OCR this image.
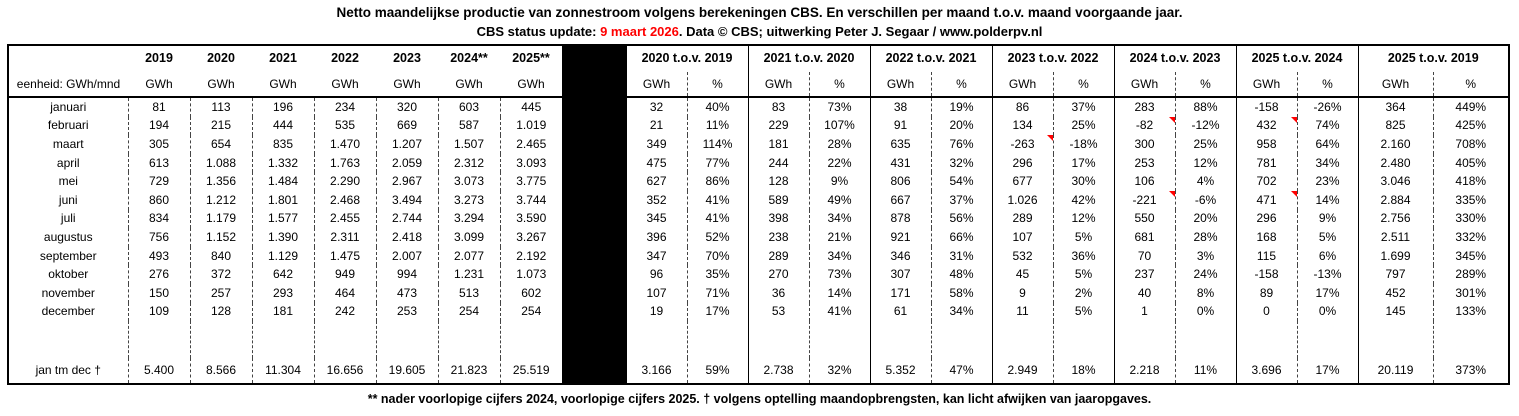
Netto maandelijkse productie van zonnestroom volgens berekeningen CBS. En verschillen per maand t.o.v. maand voorgaande jaar.
CBS status update: 9 maart 2026. Data © CBS; uitwerking Peter J. Segaar / www.polderpv.nl
	2019	2020	2021	2022	2023	2024**	2025**		2020 t.o.v. 2019		2021 t.o.v. 2020		2022 t.o.v. 2021		2023 t.o.v. 2022		2024 t.o.v. 2023		2025 t.o.v. 2024		2025 t.o.v. 2019	
eenheid: GWh/mnd	GWh	GWh	GWh	GWh	GWh	GWh	GWh		GWh	%	GWh	%	GWh	%	GWh	%	GWh	%	GWh	%	GWh	%
januari	81	113	196	234	320	603	445		32	40%	83	73%	38	19%	86	37%	283	88%	-158	-26%	364	449%
februari	194	215	444	535	669	587	1.019		21	11%	229	107%	91	20%	134	25%	-82	-12%	432	74%	825	425%
maart	305	654	835	1.470	1.207	1.507	2.465		349	114%	181	28%	635	76%	-263	-18%	300	25%	958	64%	2.160	708%
april	613	1.088	1.332	1.763	2.059	2.312	3.093		475	77%	244	22%	431	32%	296	17%	253	12%	781	34%	2.480	405%
mei	729	1.356	1.484	2.290	2.967	3.073	3.775		627	86%	128	9%	806	54%	677	30%	106	4%	702	23%	3.046	418%
juni	860	1.212	1.801	2.468	3.494	3.273	3.744		352	41%	589	49%	667	37%	1.026	42%	-221	-6%	471	14%	2.884	335%
juli	834	1.179	1.577	2.455	2.744	3.294	3.590		345	41%	398	34%	878	56%	289	12%	550	20%	296	9%	2.756	330%
augustus	756	1.152	1.390	2.311	2.418	3.099	3.267		396	52%	238	21%	921	66%	107	5%	681	28%	168	5%	2.511	332%
september	493	840	1.129	1.475	2.007	2.077	2.192		347	70%	289	34%	346	31%	532	36%	70	3%	115	6%	1.699	345%
oktober	276	372	642	949	994	1.231	1.073		96	35%	270	73%	307	48%	45	5%	237	24%	-158	-13%	797	289%
november	150	257	293	464	473	513	602		107	71%	36	14%	171	58%	9	2%	40	8%	89	17%	452	301%
december	109	128	181	242	253	254	254		19	17%	53	41%	61	34%	11	5%	1	0%	0	0%	145	133%

jan tm dec †	5.400	8.566	11.304	16.656	19.605	21.823	25.519		3.166	59%	2.738	32%	5.352	47%	2.949	18%	2.218	11%	3.696	17%	20.119	373%
** nader voorlopige cijfers 2024, voorlopige cijfers 2025. † volgens optelling maandopbrengsten, kan licht afwijken van jaaropgaves.
